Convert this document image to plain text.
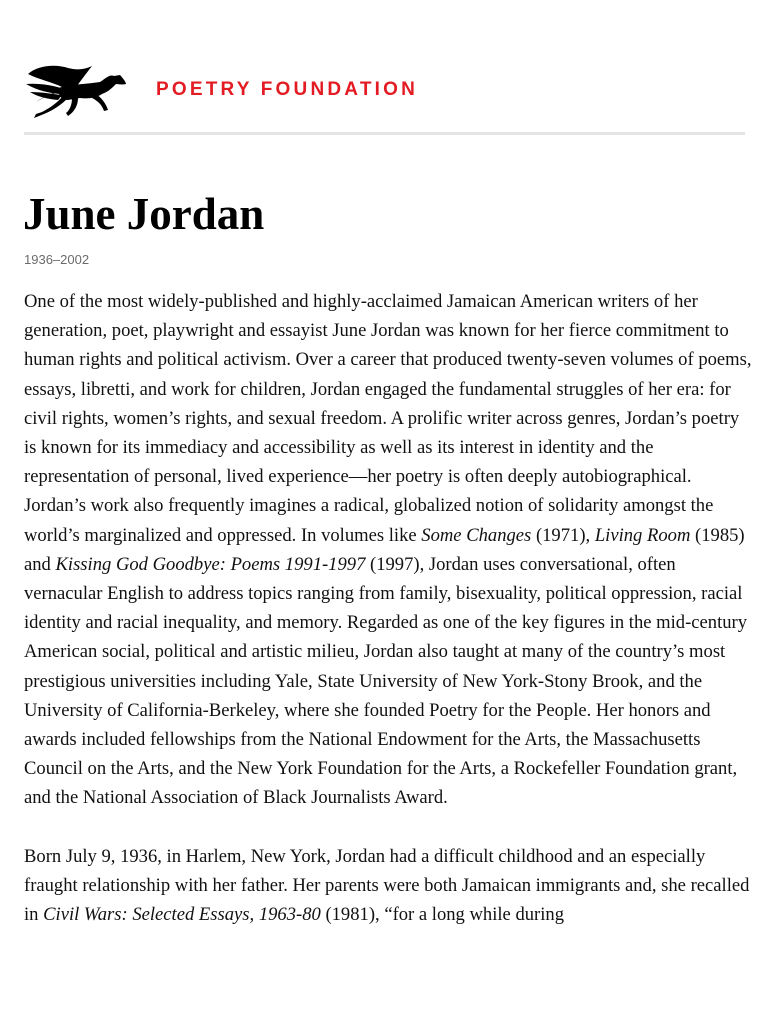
POETRY FOUNDATION
June Jordan
1936–2002

One of the most widely-published and highly-acclaimed Jamaican American writers of her generation, poet, playwright and essayist June Jordan was known for her fierce commitment to human rights and political activism. Over a career that produced twenty-seven volumes of poems, essays, libretti, and work for children, Jordan engaged the fundamental struggles of her era: for civil rights, women’s rights, and sexual freedom. A prolific writer across genres, Jordan’s poetry is known for its immediacy and accessibility as well as its interest in identity and the representation of personal, lived experience—her poetry is often deeply autobiographical. Jordan’s work also frequently imagines a radical, globalized notion of solidarity amongst the world’s marginalized and oppressed. In volumes like Some Changes (1971), Living Room (1985) and Kissing God Goodbye: Poems 1991-1997 (1997), Jordan uses conversational, often vernacular English to address topics ranging from family, bisexuality, political oppression, racial identity and racial inequality, and memory. Regarded as one of the key figures in the mid-century American social, political and artistic milieu, Jordan also taught at many of the country’s most prestigious universities including Yale, State University of New York-Stony Brook, and the University of California-Berkeley, where she founded Poetry for the People. Her honors and awards included fellowships from the National Endowment for the Arts, the Massachusetts Council on the Arts, and the New York Foundation for the Arts, a Rockefeller Foundation grant, and the National Association of Black Journalists Award.

Born July 9, 1936, in Harlem, New York, Jordan had a difficult childhood and an especially fraught relationship with her father. Her parents were both Jamaican immigrants and, she recalled in Civil Wars: Selected Essays, 1963-80 (1981), “for a long while during
